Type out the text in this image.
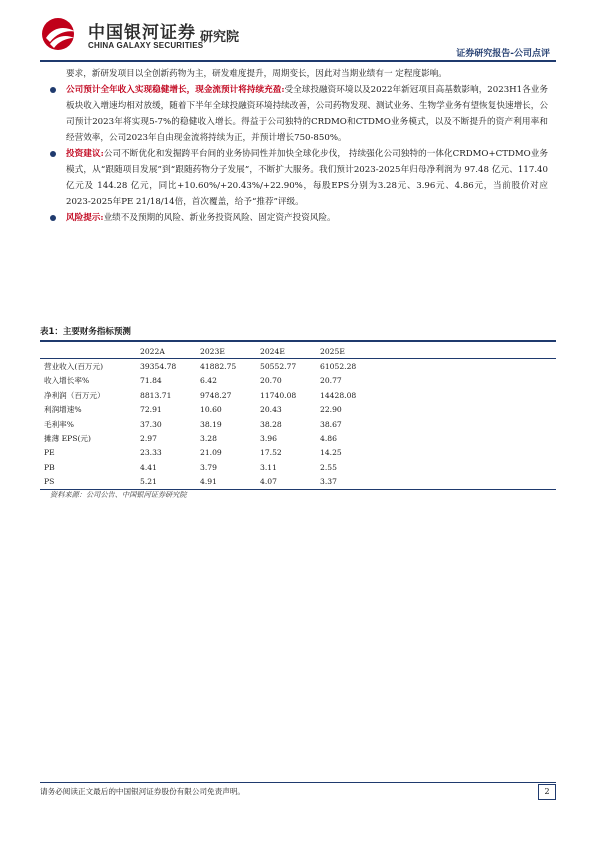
中国银河证券
CHINA GALAXY SECURITIES
研究院
证券研究报告-公司点评

要求，新研发项目以全创新药物为主，研发难度提升，周期变长，因此对当期业绩有一 定程度影响。

公司预计全年收入实现稳健增长，现金流预计将持续充盈:受全球投融资环境以及2022年新冠项目高基数影响，2023H1各业务板块收入增速均相对放缓，随着下半年全球投融资环境持续改善，公司药物发现、测试业务、生物学业务有望恢复快速增长，公司预计2023年将实现5-7%的稳健收入增长。得益于公司独特的CRDMO和CTDMO业务模式，以及不断提升的资产利用率和经营效率，公司2023年自由现金流将持续为正，并预计增长750-850%。
投资建议:公司不断优化和发掘跨平台间的业务协同性并加快全球化步伐， 持续强化公司独特的一体化CRDMO+CTDMO业务模式，从“跟随项目发展”到“跟随药物分子发展”，不断扩大服务。我们预计2023-2025年归母净利润为 97.48 亿元、117.40 亿元及 144.28 亿元，同比+10.60%/+20.43%/+22.90%，每股EPS分别为3.28元、3.96元、4.86元，当前股价对应2023-2025年PE 21/18/14倍，首次覆盖，给予“推荐”评级。
风险提示:业绩不及预期的风险、新业务投资风险、固定资产投资风险。
表1：主要财务指标预测
	2022A	2023E	2024E	2025E	
营业收入(百万元)	39354.78	41882.75	50552.77	61052.28	
收入增长率%	71.84	6.42	20.70	20.77	
净利润（百万元）	8813.71	9748.27	11740.08	14428.08	
利润增速%	72.91	10.60	20.43	22.90	
毛利率%	37.30	38.19	38.28	38.67	
摊薄 EPS(元)	2.97	3.28	3.96	4.86	
PE	23.33	21.09	17.52	14.25	
PB	4.41	3.79	3.11	2.55	
PS	5.21	4.91	4.07	3.37	
资料来源：公司公告、中国银河证券研究院
请务必阅读正文最后的中国银河证券股份有限公司免责声明。	2
